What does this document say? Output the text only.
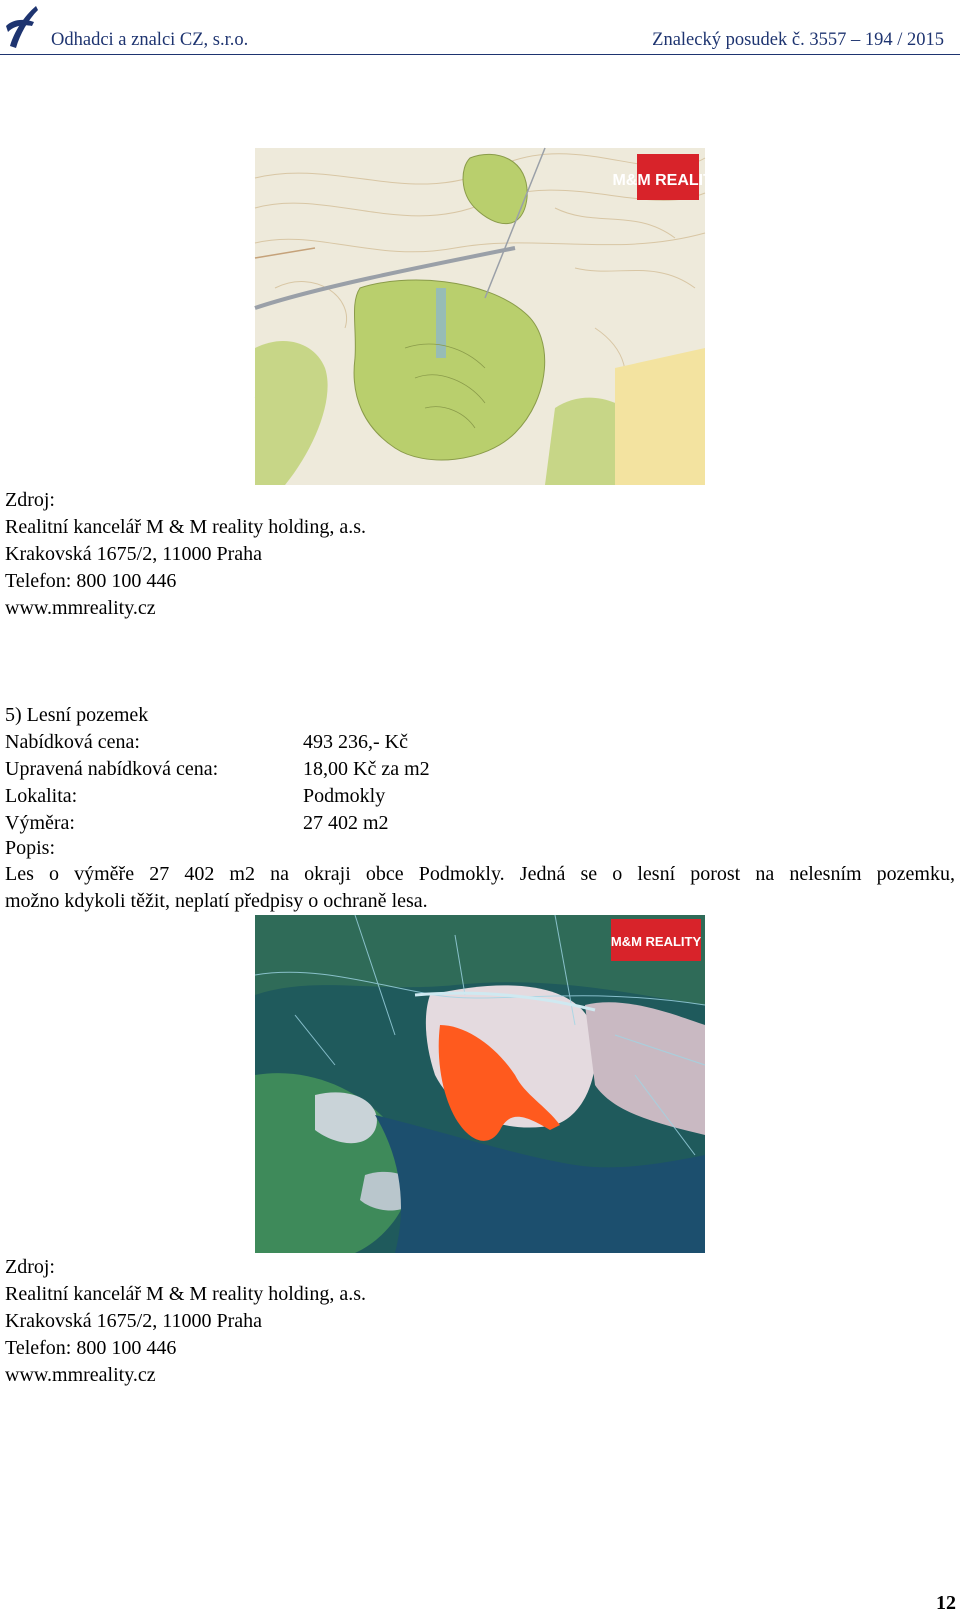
Odhadci a znalci CZ, s.r.o.	Znalecký posudek č. 3557 – 194 / 2015
M&M REALITY
Zdroj:
Realitní kancelář M & M reality holding, a.s.
Krakovská 1675/2, 11000 Praha
Telefon: 800 100 446
www.mmreality.cz
5) Lesní pozemek
Nabídková cena:	493 236,- Kč
Upravená nabídková cena:	18,00 Kč za m2
Lokalita:	Podmokly
Výměra:	27 402 m2
Popis:
Les o výměře 27 402 m2 na okraji obce Podmokly. Jedná se o lesní porost na nelesním pozemku,
možno kdykoli těžit, neplatí předpisy o ochraně lesa.
M&M REALITY
Zdroj:
Realitní kancelář M & M reality holding, a.s.
Krakovská 1675/2, 11000 Praha
Telefon: 800 100 446
www.mmreality.cz
12
